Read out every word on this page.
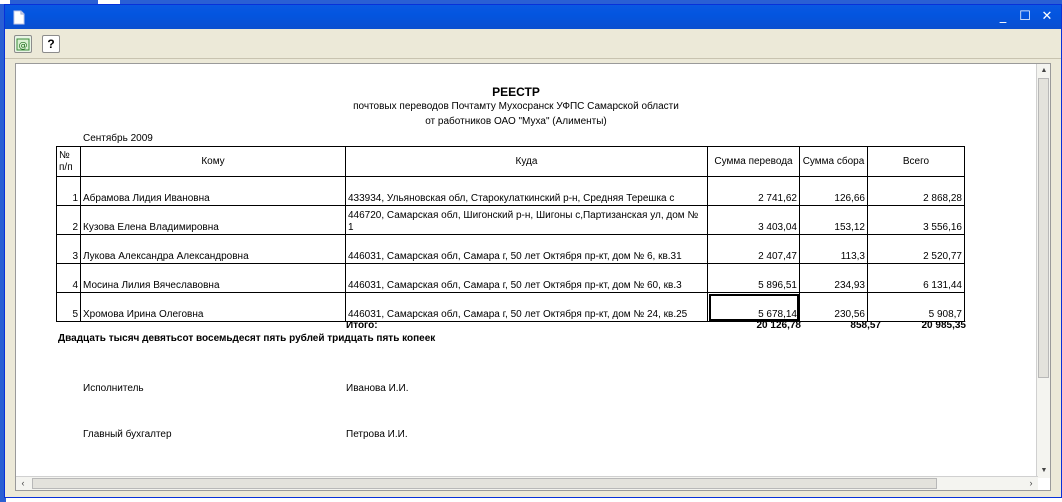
_ ☐ ✕
@	?
РЕЕСТР
почтовых переводов Почтамту Мухосранск УФПС Самарской области
от работников ОАО "Муха" (Алименты)
Сентябрь 2009
№ п/п	Кому	Куда	Сумма перевода	Сумма сбора	Всего
1	Абрамова Лидия Ивановна	433934, Ульяновская обл, Старокулаткинский р-н, Средняя Терешка с	2 741,62	126,66	2 868,28
2	Кузова Елена Владимировна	446720, Самарская обл, Шигонский р-н, Шигоны с,Партизанская ул, дом № 1	3 403,04	153,12	3 556,16
3	Лукова Александра Александровна	446031, Самарская обл, Самара г, 50 лет Октября пр-кт, дом № 6, кв.31	2 407,47	113,3	2 520,77
4	Мосина Лилия Вячеславовна	446031, Самарская обл, Самара г, 50 лет Октября пр-кт, дом № 60, кв.3	5 896,51	234,93	6 131,44
5	Хромова Ирина Олеговна	446031, Самарская обл, Самара г, 50 лет Октября пр-кт, дом № 24, кв.25	5 678,14	230,56	5 908,7
Итого:	20 126,78	858,57	20 985,35
Двадцать тысяч девятьсот восемьдесят пять рублей тридцать пять копеек
Исполнитель	Иванова И.И.
Главный бухгалтер	Петрова И.И.
▲
▼
‹	›
